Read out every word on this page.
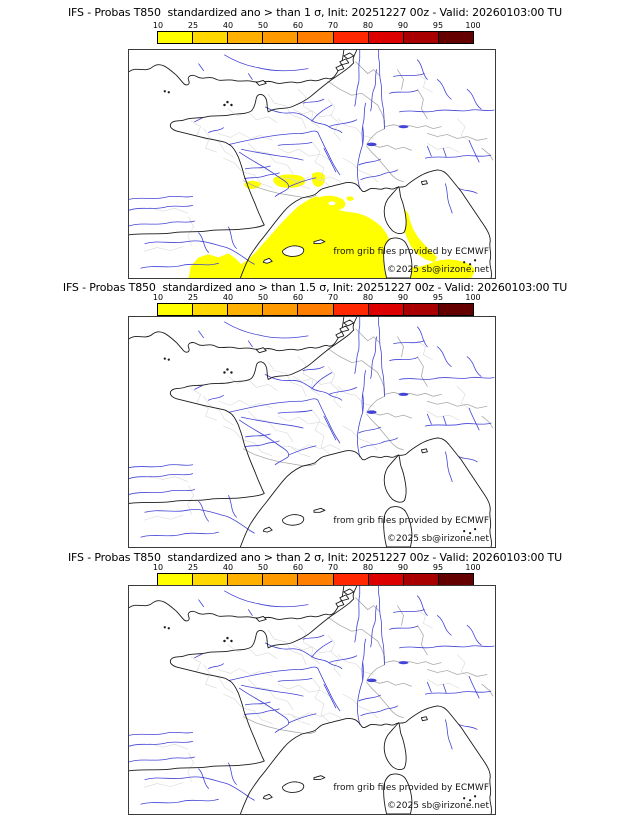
IFS - Probas T850  standardized ano > than 1 σ, Init: 20251227 00z - Valid: 20260103:00 TU
10	25	40	50	60	70	80	90	95	100
from grib files provided by ECMWF
©2025 sb@irizone.net
IFS - Probas T850  standardized ano > than 1.5 σ, Init: 20251227 00z - Valid: 20260103:00 TU
10	25	40	50	60	70	80	90	95	100
from grib files provided by ECMWF
©2025 sb@irizone.net
IFS - Probas T850  standardized ano > than 2 σ, Init: 20251227 00z - Valid: 20260103:00 TU
10	25	40	50	60	70	80	90	95	100
from grib files provided by ECMWF
©2025 sb@irizone.net
